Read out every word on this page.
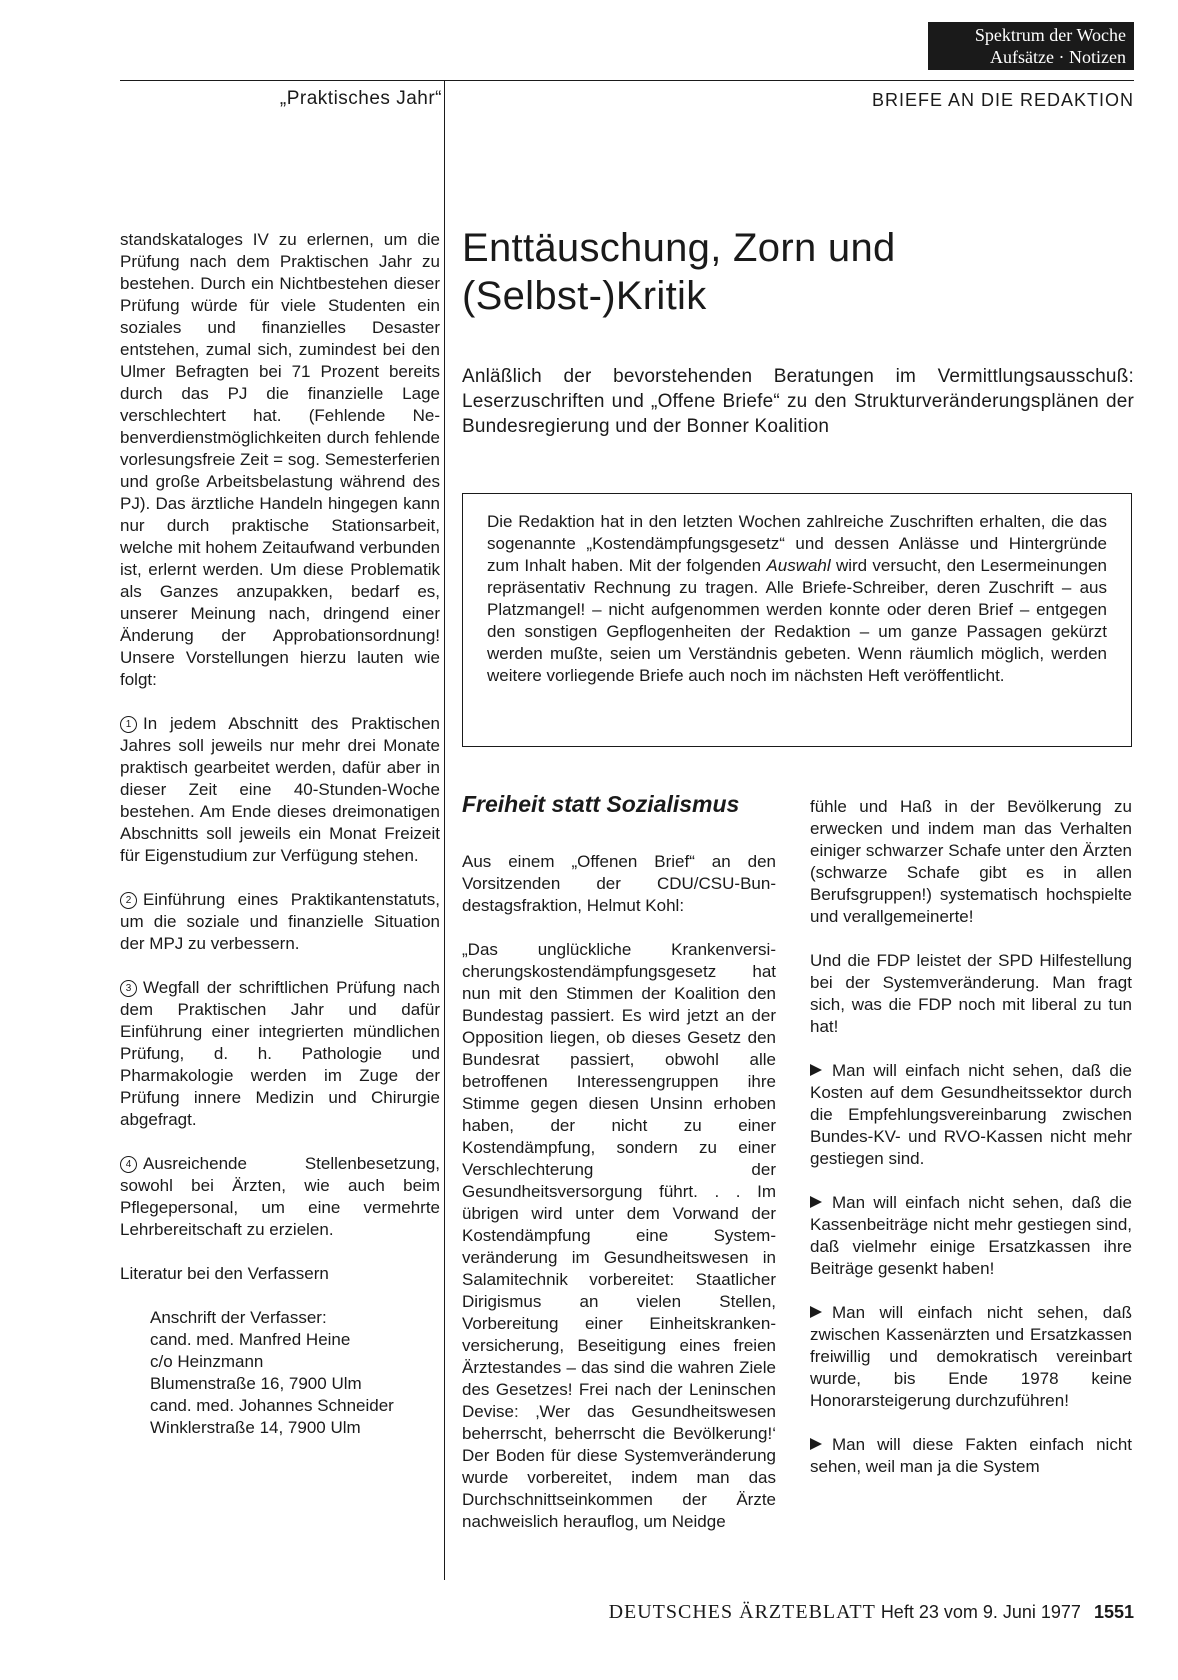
Spektrum der Woche
Aufsätze · Notizen
„Praktisches Jahr“	BRIEFE AN DIE REDAKTION

standskataloges IV zu erlernen, um die Prüfung nach dem Praktischen Jahr zu bestehen. Durch ein Nichtbestehen dieser Prüfung würde für viele Studenten ein soziales und finanzielles Desaster entstehen, zumal sich, zumindest bei den Ulmer Befragten bei 71 Prozent bereits durch das PJ die finanzielle Lage verschlechtert hat. (Fehlende Nebenverdienstmöglichkeiten durch fehlende vorlesungsfreie Zeit = sog. Semesterferien und große Arbeitsbelastung während des PJ). Das ärztliche Handeln hingegen kann nur durch praktische Stationsarbeit, welche mit hohem Zeitaufwand verbunden ist, erlernt werden. Um diese Problematik als Ganzes anzupakken, bedarf es, unserer Meinung nach, dringend einer Änderung der Approbationsordnung! Unsere Vorstellungen hierzu lauten wie folgt:

1 In jedem Abschnitt des Praktischen Jahres soll jeweils nur mehr drei Monate praktisch gearbeitet werden, dafür aber in dieser Zeit eine 40-Stunden-Woche bestehen. Am Ende dieses dreimonatigen Abschnitts soll jeweils ein Monat Freizeit für Eigenstudium zur Verfügung stehen.

2 Einführung eines Praktikantenstatuts, um die soziale und finanzielle Situation der MPJ zu verbessern.

3 Wegfall der schriftlichen Prüfung nach dem Praktischen Jahr und dafür Einführung einer integrierten mündlichen Prüfung, d. h. Pathologie und Pharmakologie werden im Zuge der Prüfung innere Medizin und Chirurgie abgefragt.

4 Ausreichende Stellenbesetzung, sowohl bei Ärzten, wie auch beim Pflegepersonal, um eine vermehrte Lehrbereitschaft zu erzielen.

Literatur bei den Verfassern

Anschrift der Verfasser:
cand. med. Manfred Heine
c/o Heinzmann
Blumenstraße 16, 7900 Ulm
cand. med. Johannes Schneider
Winklerstraße 14, 7900 Ulm

Enttäuschung, Zorn und (Selbst-)Kritik
Anläßlich der bevorstehenden Beratungen im Vermittlungsausschuß: Leserzuschriften und „Offene Briefe“ zu den Strukturveränderungsplänen der Bundesregierung und der Bonner Koalition
Die Redaktion hat in den letzten Wochen zahlreiche Zuschriften erhalten, die das sogenannte „Kostendämpfungsgesetz“ und dessen Anlässe und Hintergründe zum Inhalt haben. Mit der folgenden Auswahl wird versucht, den Lesermeinungen repräsentativ Rechnung zu tragen. Alle Briefe-Schreiber, deren Zuschrift – aus Platzmangel! – nicht aufgenommen werden konnte oder deren Brief – entgegen den sonstigen Gepflogenheiten der Redaktion – um ganze Passagen gekürzt werden mußte, seien um Verständnis gebeten. Wenn räumlich möglich, werden weitere vorliegende Briefe auch noch im nächsten Heft veröffentlicht.
Freiheit statt Sozialismus

Aus einem „Offenen Brief“ an den Vorsitzenden der CDU/CSU-Bundestagsfraktion, Helmut Kohl:

„Das unglückliche Krankenversicherungskostendämpfungsgesetz hat nun mit den Stimmen der Koalition den Bundestag passiert. Es wird jetzt an der Opposition liegen, ob dieses Gesetz den Bundesrat passiert, obwohl alle betroffenen Interessengruppen ihre Stimme gegen diesen Unsinn erhoben haben, der nicht zu einer Kostendämpfung, sondern zu einer Verschlechterung der Gesundheitsversorgung führt. . . Im übrigen wird unter dem Vorwand der Kostendämpfung eine Systemveränderung im Gesundheitswesen in Salamitechnik vorbereitet: Staatlicher Dirigismus an vielen Stellen, Vorbereitung einer Einheitskrankenversicherung, Beseitigung eines freien Ärztestandes – das sind die wahren Ziele des Gesetzes! Frei nach der Leninschen Devise: ‚Wer das Gesundheitswesen beherrscht, beherrscht die Bevölkerung!‘ Der Boden für diese Systemveränderung wurde vorbereitet, indem man das Durchschnittseinkommen der Ärzte nachweislich herauflog, um Neidge

fühle und Haß in der Bevölkerung zu erwecken und indem man das Verhalten einiger schwarzer Schafe unter den Ärzten (schwarze Schafe gibt es in allen Berufsgruppen!) systematisch hochspielte und verallgemeinerte!

Und die FDP leistet der SPD Hilfestellung bei der Systemveränderung. Man fragt sich, was die FDP noch mit liberal zu tun hat!

Man will einfach nicht sehen, daß die Kosten auf dem Gesundheitssektor durch die Empfehlungsvereinbarung zwischen Bundes-KV- und RVO-Kassen nicht mehr gestiegen sind.

Man will einfach nicht sehen, daß die Kassenbeiträge nicht mehr gestiegen sind, daß vielmehr einige Ersatzkassen ihre Beiträge gesenkt haben!

Man will einfach nicht sehen, daß zwischen Kassenärzten und Ersatzkassen freiwillig und demokratisch vereinbart wurde, bis Ende 1978 keine Honorarsteigerung durchzuführen!

Man will diese Fakten einfach nicht sehen, weil man ja die System

DEUTSCHES ÄRZTEBLATT Heft 23 vom 9. Juni 1977 1551
